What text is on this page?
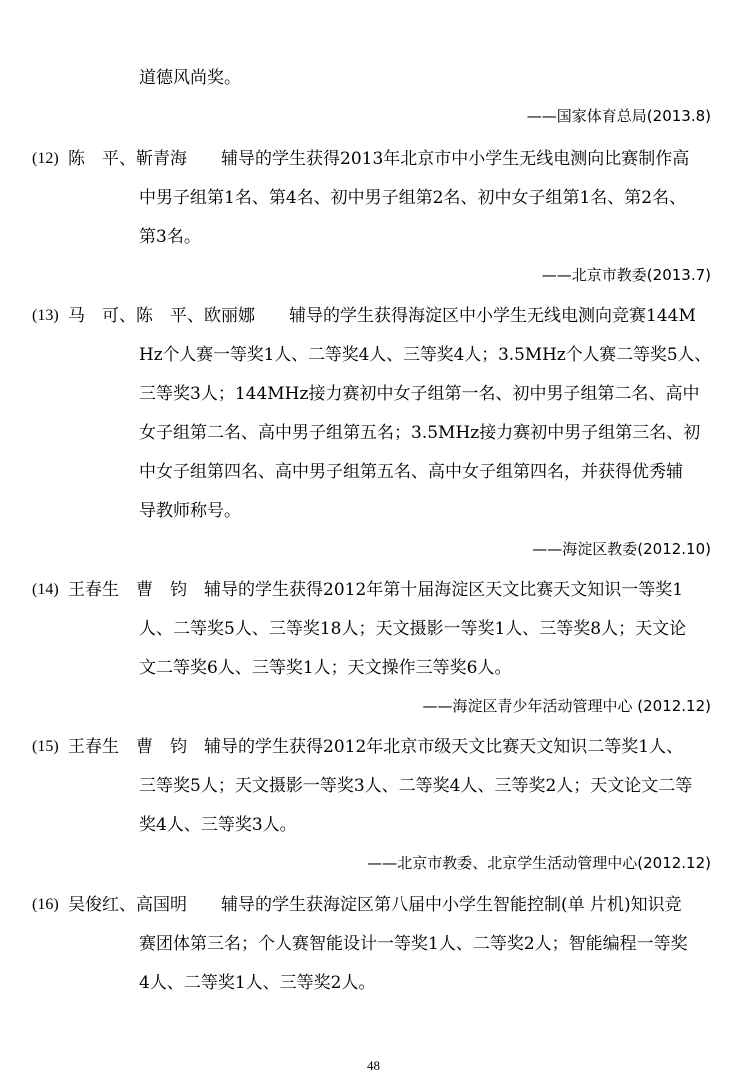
道德风尚奖。
——国家体育总局(2013.8)
(12) 陈　平、靳青海　　辅导的学生获得2013年北京市中小学生无线电测向比赛制作高
中男子组第1名、第4名、初中男子组第2名、初中女子组第1名、第2名、
第3名。
——北京市教委(2013.7)
(13) 马　可、陈　平、欧丽娜　　辅导的学生获得海淀区中小学生无线电测向竞赛144M
Hz个人赛一等奖1人、二等奖4人、三等奖4人；3.5MHz个人赛二等奖5人、
三等奖3人；144MHz接力赛初中女子组第一名、初中男子组第二名、高中
女子组第二名、高中男子组第五名；3.5MHz接力赛初中男子组第三名、初
中女子组第四名、高中男子组第五名、高中女子组第四名，并获得优秀辅
导教师称号。
——海淀区教委(2012.10)
(14) 王春生　曹　钧　辅导的学生获得2012年第十届海淀区天文比赛天文知识一等奖1
人、二等奖5人、三等奖18人；天文摄影一等奖1人、三等奖8人；天文论
文二等奖6人、三等奖1人；天文操作三等奖6人。
——海淀区青少年活动管理中心 (2012.12)
(15) 王春生　曹　钧　辅导的学生获得2012年北京市级天文比赛天文知识二等奖1人、
三等奖5人；天文摄影一等奖3人、二等奖4人、三等奖2人；天文论文二等
奖4人、三等奖3人。
——北京市教委、北京学生活动管理中心(2012.12)
(16) 吴俊红、高国明　　辅导的学生获海淀区第八届中小学生智能控制(单 片机)知识竞
赛团体第三名；个人赛智能设计一等奖1人、二等奖2人；智能编程一等奖
4人、二等奖1人、三等奖2人。
48
